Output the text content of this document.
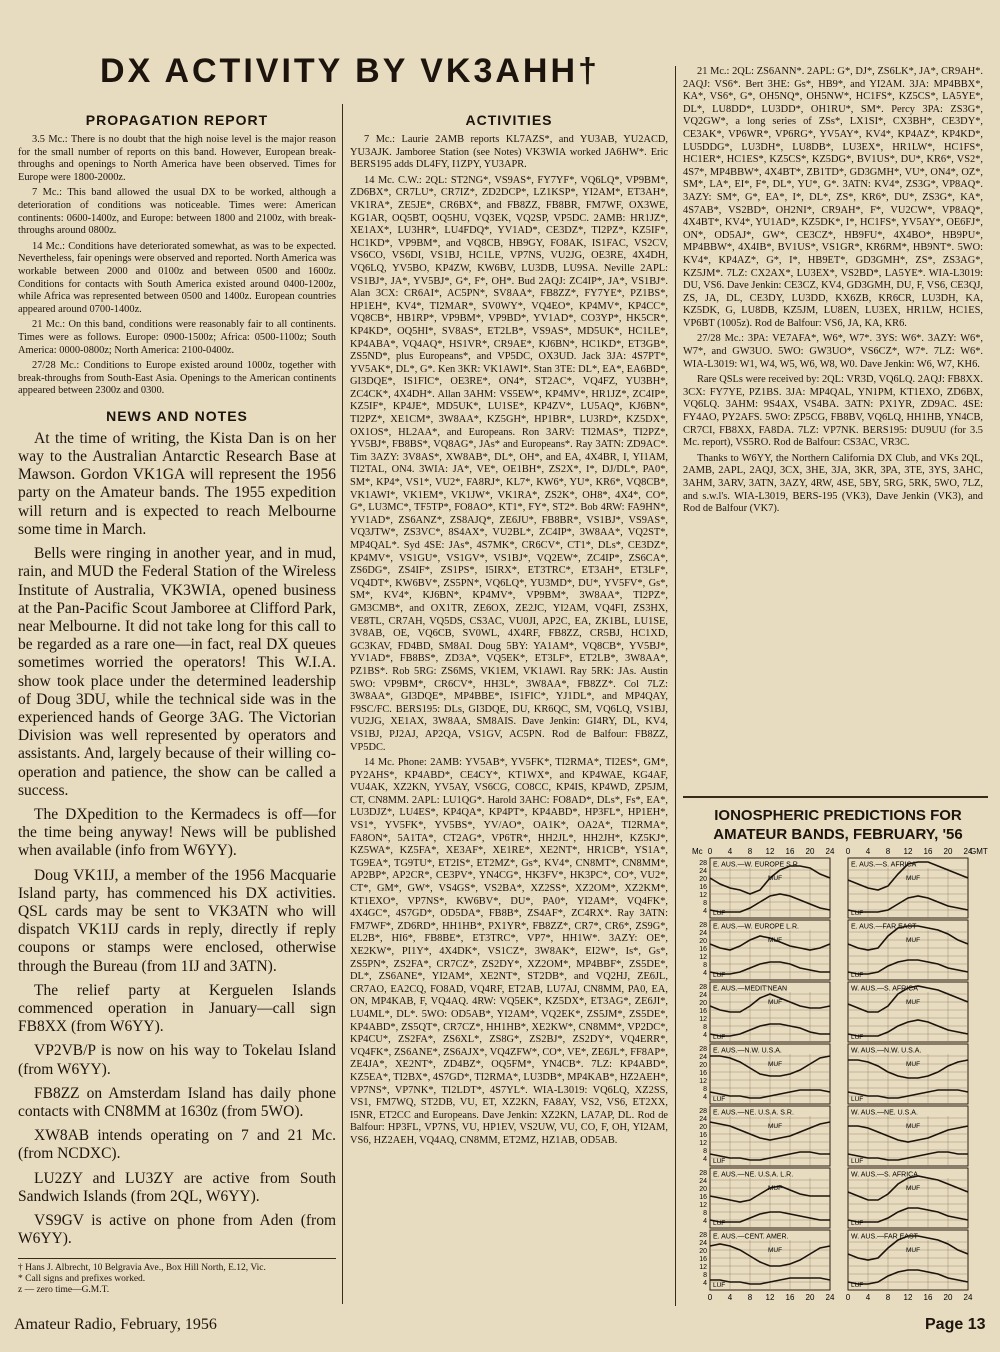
DX ACTIVITY BY VK3AHH†
PROPAGATION REPORT

3.5 Mc.: There is no doubt that the high noise level is the major reason for the small number of reports on this band. However, European break-throughs and openings to North America have been observed. Times for Europe were 1800-2000z.

7 Mc.: This band allowed the usual DX to be worked, although a deterioration of conditions was noticeable. Times were: American continents: 0600-1400z, and Europe: between 1800 and 2100z, with break-throughs around 0800z.

14 Mc.: Conditions have deteriorated somewhat, as was to be expected. Nevertheless, fair openings were observed and reported. North America was workable between 2000 and 0100z and between 0500 and 1600z. Conditions for contacts with South America existed around 0400-1200z, while Africa was represented between 0500 and 1400z. European countries appeared around 0700-1400z.

21 Mc.: On this band, conditions were reasonably fair to all continents. Times were as follows. Europe: 0900-1500z; Africa: 0500-1100z; South America: 0000-0800z; North America: 2100-0400z.

27/28 Mc.: Conditions to Europe existed around 1000z, together with break-throughs from South-East Asia. Openings to the American continents appeared between 2300z and 0300.

NEWS AND NOTES

At the time of writing, the Kista Dan is on her way to the Australian Antarctic Research Base at Mawson. Gordon VK1GA will represent the 1956 party on the Amateur bands. The 1955 expedition will return and is expected to reach Melbourne some time in March.

Bells were ringing in another year, and in mud, rain, and MUD the Federal Station of the Wireless Institute of Australia, VK3WIA, opened business at the Pan-Pacific Scout Jamboree at Clifford Park, near Melbourne. It did not take long for this call to be regarded as a rare one—in fact, real DX queues sometimes worried the operators! This W.I.A. show took place under the determined leadership of Doug 3DU, while the technical side was in the experienced hands of George 3AG. The Victorian Division was well represented by operators and assistants. And, largely because of their willing co-operation and patience, the show can be called a success.

The DXpedition to the Kermadecs is off—for the time being anyway! News will be published when available (info from W6YY).

Doug VK1IJ, a member of the 1956 Macquarie Island party, has commenced his DX activities. QSL cards may be sent to VK3ATN who will dispatch VK1IJ cards in reply, directly if reply coupons or stamps were enclosed, otherwise through the Bureau (from 1IJ and 3ATN).

The relief party at Kerguelen Islands commenced operation in January—call sign FB8XX (from W6YY).

VP2VB/P is now on his way to Tokelau Island (from W6YY).

FB8ZZ on Amsterdam Island has daily phone contacts with CN8MM at 1630z (from 5WO).

XW8AB intends operating on 7 and 21 Mc. (from NCDXC).

LU2ZY and LU3ZY are active from South Sandwich Islands (from 2QL, W6YY).

VS9GV is active on phone from Aden (from W6YY).

† Hans J. Albrecht, 10 Belgravia Ave., Box Hill North, E.12, Vic.
* Call signs and prefixes worked.
z — zero time—G.M.T.
ACTIVITIES

7 Mc.: Laurie 2AMB reports KL7AZS*, and YU3AB, YU2ACD, YU3AJK. Jamboree Station (see Notes) VK3WIA worked JA6HW*. Eric BERS195 adds DL4FY, I1ZPY, YU3APR.

14 Mc. C.W.: 2QL: ST2NG*, VS9AS*, FY7YF*, VQ6LQ*, VP9BM*, ZD6BX*, CR7LU*, CR7IZ*, ZD2DCP*, LZ1KSP*, YI2AM*, ET3AH*, VK1RA*, ZE5JE*, CR6BX*, and FB8ZZ, FB8BR, FM7WF, OX3WE, KG1AR, OQ5BT, OQ5HU, VQ3EK, VQ2SP, VP5DC. 2AMB: HR1JZ*, XE1AX*, LU3HR*, LU4FDQ*, YV1AD*, CE3DZ*, TI2PZ*, KZ5IF*, HC1KD*, VP9BM*, and VQ8CB, HB9GY, FO8AK, IS1FAC, VS2CV, VS6CO, VS6DI, VS1BJ, HC1LE, VP7NS, VU2JG, OE3RE, 4X4DH, VQ6LQ, YV5BO, KP4ZW, KW6BV, LU3DB, LU9SA. Neville 2APL: VS1BJ*, JA*, YV5BJ*, G*, F*, OH*. Bud 2AQJ: ZC4IP*, JA*, VS1BJ*. Alan 3CX: CR6AI*, AC5PN*, SV8AA*, FB8ZZ*, FY7YE*, PZ1BS*, HP1EH*, KV4*, TI2MAR*, SV0WY*, VQ4EO*, KP4MV*, KP4CC*, VQ8CB*, HB1RP*, VP9BM*, VP9BD*, YV1AD*, CO3YP*, HK5CR*, KP4KD*, OQ5HI*, SV8AS*, ET2LB*, VS9AS*, MD5UK*, HC1LE*, KP4ABA*, VQ4AQ*, HS1VR*, CR9AE*, KJ6BN*, HC1KD*, ET3GB*, ZS5ND*, plus Europeans*, and VP5DC, OX3UD. Jack 3JA: 4S7PT*, YV5AK*, DL*, G*. Ken 3KR: VK1AWI*. Stan 3TE: DL*, EA*, EA6BD*, GI3DQE*, IS1FIC*, OE3RE*, ON4*, ST2AC*, VQ4FZ, YU3BH*, ZC4CK*, 4X4DH*. Allan 3AHM: VS5EW*, KP4MV*, HR1JZ*, ZC4IP*, KZ5IF*, KP4JE*, MD5UK*, LU1SE*, KP4ZV*, LU5AQ*, KJ6BN*, TI2PZ*, XE1CM*, 3W8AA*, KZ5GH*, HP1BR*, LU3RD*, KZ5DX*, OX1OS*, HL2AA*, and Europeans. Ron 3ARV: TI2MAS*, TI2PZ*, YV5BJ*, FB8BS*, VQ8AG*, JAs* and Europeans*. Ray 3ATN: ZD9AC*. Tim 3AZY: 3V8AS*, XW8AB*, DL*, OH*, and EA, 4X4BR, I, YI1AM, TI2TAL, ON4. 3WIA: JA*, VE*, OE1BH*, ZS2X*, I*, DJ/DL*, PA0*, SM*, KP4*, VS1*, VU2*, FA8RJ*, KL7*, KW6*, YU*, KR6*, VQ8CB*, VK1AWI*, VK1EM*, VK1JW*, VK1RA*, ZS2K*, OH8*, 4X4*, CO*, G*, LU3MC*, TF5TP*, FO8AO*, KT1*, FY*, ST2*. Bob 4RW: FA9HN*, YV1AD*, ZS6ANZ*, ZS8AJQ*, ZE6JU*, FB8BR*, VS1BJ*, VS9AS*, VQ3JTW*, ZS3VC*, 8S4AX*, VU2BL*, ZC4IP*, 3W8AA*, VQ2ST*, MP4QAL*. Syd 4SE: JAs*, 4S7MK*, CR6CV*, CT1*, DLs*, CE3DZ*, KP4MV*, VS1GU*, VS1GV*, VS1BJ*, VQ2EW*, ZC4IP*, ZS6CA*, ZS6DG*, ZS4IF*, ZS1PS*, I5IRX*, ET3TRC*, ET3AH*, ET3LF*, VQ4DT*, KW6BV*, ZS5PN*, VQ6LQ*, YU3MD*, DU*, YV5FV*, Gs*, SM*, KV4*, KJ6BN*, KP4MV*, VP9BM*, 3W8AA*, TI2PZ*, GM3CMB*, and OX1TR, ZE6OX, ZE2JC, YI2AM, VQ4FI, ZS3HX, VE8TL, CR7AH, VQ5DS, CS3AC, VU0JI, AP2C, EA, ZK1BL, LU1SE, 3V8AB, OE, VQ6CB, SV0WL, 4X4RF, FB8ZZ, CR5BJ, HC1XD, GC3KAV, FD4BD, SM8AI. Doug 5BY: YA1AM*, VQ8CB*, YV5BJ*, YV1AD*, FB8BS*, ZD3A*, VQ5EK*, ET3LF*, ET2LB*, 3W8AA*, PZ1BS*. Rob 5RG: ZS6MS, VK1EM, VK1AWI. Ray 5RK: JAs. Austin 5WO: VP9BM*, CR6CV*, HH3L*, 3W8AA*, FB8ZZ*. Col 7LZ: 3W8AA*, GI3DQE*, MP4BBE*, IS1FIC*, YJ1DL*, and MP4QAY, F9SC/FC. BERS195: DLs, GI3DQE, DU, KR6QC, SM, VQ6LQ, VS1BJ, VU2JG, XE1AX, 3W8AA, SM8AIS. Dave Jenkin: GI4RY, DL, KV4, VS1BJ, PJ2AJ, AP2QA, VS1GV, AC5PN. Rod de Balfour: FB8ZZ, VP5DC.

14 Mc. Phone: 2AMB: YV5AB*, YV5FK*, TI2RMA*, TI2ES*, GM*, PY2AHS*, KP4ABD*, CE4CY*, KT1WX*, and KP4WAE, KG4AF, VU4AK, XZ2KN, YV5AY, VS6CG, CO8CC, KP4IS, KP4WD, ZP5JM, CT, CN8MM. 2APL: LU1QG*. Harold 3AHC: FO8AD*, DLs*, Fs*, EA*, LU3DJZ*, LU4ES*, KP4QA*, KP4PT*, KP4ABD*, HP3FL*, HP1EH*, VS1*, YV5FK*, YV5BS*, YV/AO*, OA1K*, OA2A*, TI2RMA*, FA8ON*, 5A1TA*, CT2AG*, VP6TR*, HH2JL*, HH2JH*, KZ5KJ*, KZ5WA*, KZ5FA*, XE3AF*, XE1RE*, XE2NT*, HR1CB*, YS1A*, TG9EA*, TG9TU*, ET2IS*, ET2MZ*, Gs*, KV4*, CN8MT*, CN8MM*, AP2BP*, AP2CR*, CE3PV*, YN4CG*, HK3FV*, HK3PC*, CO*, VU2*, CT*, GM*, GW*, VS4GS*, VS2BA*, XZ2SS*, XZ2OM*, XZ2KM*, KT1EXO*, VP7NS*, KW6BV*, DU*, PA0*, YI2AM*, VQ4FK*, 4X4GC*, 4S7GD*, OD5DA*, FB8B*, ZS4AF*, ZC4RX*. Ray 3ATN: FM7WF*, ZD6RD*, HH1HB*, PX1YR*, FB8ZZ*, CR7*, CR6*, ZS9G*, EL2B*, HI6*, FB8BE*, ET3TRC*, VP7*, HH1W*. 3AZY: OE*, XE2KW*, PI1Y*, 4X4DK*, VS1CZ*, 3W8AK*, EI2W*, Is*, Gs*, ZS5PN*, ZS2FA*, CR7CZ*, ZS2DY*, XZ2OM*, MP4BBF*, ZS5DE*, DL*, ZS6ANE*, YI2AM*, XE2NT*, ST2DB*, and VQ2HJ, ZE6JL, CR7AO, EA2CQ, FO8AD, VQ4RF, ET2AB, LU7AJ, CN8MM, PA0, EA, ON, MP4KAB, F, VQ4AQ. 4RW: VQ5EK*, KZ5DX*, ET3AG*, ZE6JI*, LU4ML*, DL*. 5WO: OD5AB*, YI2AM*, VQ2EK*, ZS5JM*, ZS5DE*, KP4ABD*, ZS5QT*, CR7CZ*, HH1HB*, XE2KW*, CN8MM*, VP2DC*, KP4CU*, ZS2FA*, ZS6XL*, ZS8G*, ZS2BJ*, ZS2DY*, VQ4ERR*, VQ4FK*, ZS6ANE*, ZS6AJX*, VQ4ZFW*, CO*, VE*, ZE6JL*, FF8AP*, ZE4JA*, XE2NT*, ZD4BZ*, OQ5FM*, YN4CB*. 7LZ: KP4ABD*, KZ5EA*, TI2BX*, 4S7GD*, TI2RMA*, LU3DB*, MP4KAB*, HZ2AEH*, VP7NS*, VP7NK*, TI2LDT*, 4S7YL*. WIA-L3019: VQ6LQ, XZ2SS, VS1, FM7WQ, ST2DB, VU, ET, XZ2KN, FA8AY, VS2, VS6, ET2XX, I5NR, ET2CC and Europeans. Dave Jenkin: XZ2KN, LA7AP, DL. Rod de Balfour: HP3FL, VP7NS, VU, HP1EV, VS2UW, VU, CO, F, OH, YI2AM, VS6, HZ2AEH, VQ4AQ, CN8MM, ET2MZ, HZ1AB, OD5AB.

21 Mc.: 2QL: ZS6ANN*. 2APL: G*, DJ*, ZS6LK*, JA*, CR9AH*. 2AQJ: VS6*. Bert 3HE: Gs*, HB9*, and YI2AM. 3JA: MP4BBX*, KA*, VS6*, G*, OH5NQ*, OH5NW*, HC1FS*, KZ5CS*, LA5YE*, DL*, LU8DD*, LU3DD*, OH1RU*, SM*. Percy 3PA: ZS3G*, VQ2GW*, a long series of ZSs*, LX1SI*, CX3BH*, CE3DY*, CE3AK*, VP6WR*, VP6RG*, YV5AY*, KV4*, KP4AZ*, KP4KD*, LU5DDG*, LU3DH*, LU8DB*, LU3EX*, HR1LW*, HC1FS*, HC1ER*, HC1ES*, KZ5CS*, KZ5DG*, BV1US*, DU*, KR6*, VS2*, 4S7*, MP4BBW*, 4X4BT*, ZB1TD*, GD3GMH*, VU*, ON4*, OZ*, SM*, LA*, EI*, F*, DL*, YU*, G*. 3ATN: KV4*, ZS3G*, VP8AQ*. 3AZY: SM*, G*, EA*, I*, DL*, ZS*, KR6*, DU*, ZS3G*, KA*, 4S7AB*, VS2BD*, OH2NI*, CR9AH*, F*, VU2CW*, VP8AQ*, 4X4BT*, KV4*, YU1AD*, KZ5DK*, I*, HC1FS*, YV5AY*, OE6FJ*, ON*, OD5AJ*, GW*, CE3CZ*, HB9FU*, 4X4BO*, HB9PU*, MP4BBW*, 4X4IB*, BV1US*, VS1GR*, KR6RM*, HB9NT*. 5WO: KV4*, KP4AZ*, G*, I*, HB9ET*, GD3GMH*, ZS*, ZS3AG*, KZ5JM*. 7LZ: CX2AX*, LU3EX*, VS2BD*, LA5YE*. WIA-L3019: DU, VS6. Dave Jenkin: CE3CZ, KV4, GD3GMH, DU, F, VS6, CE3QJ, ZS, JA, DL, CE3DY, LU3DD, KX6ZB, KR6CR, LU3DH, KA, KZ5DK, G, LU8DB, KZ5JM, LU8EN, LU3EX, HR1LW, HC1ES, VP6BT (1005z). Rod de Balfour: VS6, JA, KA, KR6.

27/28 Mc.: 3PA: VE7AFA*, W6*, W7*. 3YS: W6*. 3AZY: W6*, W7*, and GW3UO. 5WO: GW3UO*, VS6CZ*, W7*. 7LZ: W6*. WIA-L3019: W1, W4, W5, W6, W8, W0. Dave Jenkin: W6, W7, KH6.

Rare QSLs were received by: 2QL: VR3D, VQ6LQ. 2AQJ: FB8XX. 3CX: FY7YE, PZ1BS. 3JA: MP4QAL, YN1PM, KT1EXO, ZD6BX, VQ6LQ. 3AHM: 9S4AX, VS4BA. 3ATN: PX1YR, ZD9AC. 4SE: FY4AO, PY2AFS. 5WO: ZP5CG, FB8BV, VQ6LQ, HH1HB, YN4CB, CR7CI, FB8XX, FA8DA. 7LZ: VP7NK. BERS195: DU9UU (for 3.5 Mc. report), VS5RO. Rod de Balfour: CS3AC, VR3C.

Thanks to W6YY, the Northern California DX Club, and VKs 2QL, 2AMB, 2APL, 2AQJ, 3CX, 3HE, 3JA, 3KR, 3PA, 3TE, 3YS, 3AHC, 3AHM, 3ARV, 3ATN, 3AZY, 4RW, 4SE, 5BY, 5RG, 5RK, 5WO, 7LZ, and s.w.l's. WIA-L3019, BERS-195 (VK3), Dave Jenkin (VK3), and Rod de Balfour (VK7).

IONOSPHERIC PREDICTIONS FOR
AMATEUR BANDS, FEBRUARY, '56
0 4 8 12 16 20 24 0 4 8 12 16 20 24
Mc	GMT
28
24
20
16
12
8
4
E. AUS.—W. EUROPE S.R.
MUF
LUF
E. AUS.—S. AFRICA
MUF
LUF
28
24
20
16
12
8
4
E. AUS.—W. EUROPE L.R.
MUF
LUF
E. AUS.—FAR EAST
MUF
LUF
28
24
20
16
12
8
4
E. AUS.—MEDIT'NEAN
MUF
LUF
W. AUS.—S. AFRICA
MUF
LUF
28
24
20
16
12
8
4
E. AUS.—N.W. U.S.A.
MUF
LUF
W. AUS.—N.W. U.S.A.
MUF
LUF
28
24
20
16
12
8
4
E. AUS.—NE. U.S.A. S.R.
MUF
LUF
W. AUS.—NE. U.S.A.
MUF
LUF
28
24
20
16
12
8
4
E. AUS.—NE. U.S.A. L.R.
MUF
LUF
W. AUS.—S. AFRICA
MUF
LUF
28
24
20
16
12
8
4
E. AUS.—CENT. AMER.
MUF
LUF
W. AUS.—FAR EAST
MUF
LUF
0 4 8 12 16 20 24 0 4 8 12 16 20 24
Amateur Radio, February, 1956	Page 13
